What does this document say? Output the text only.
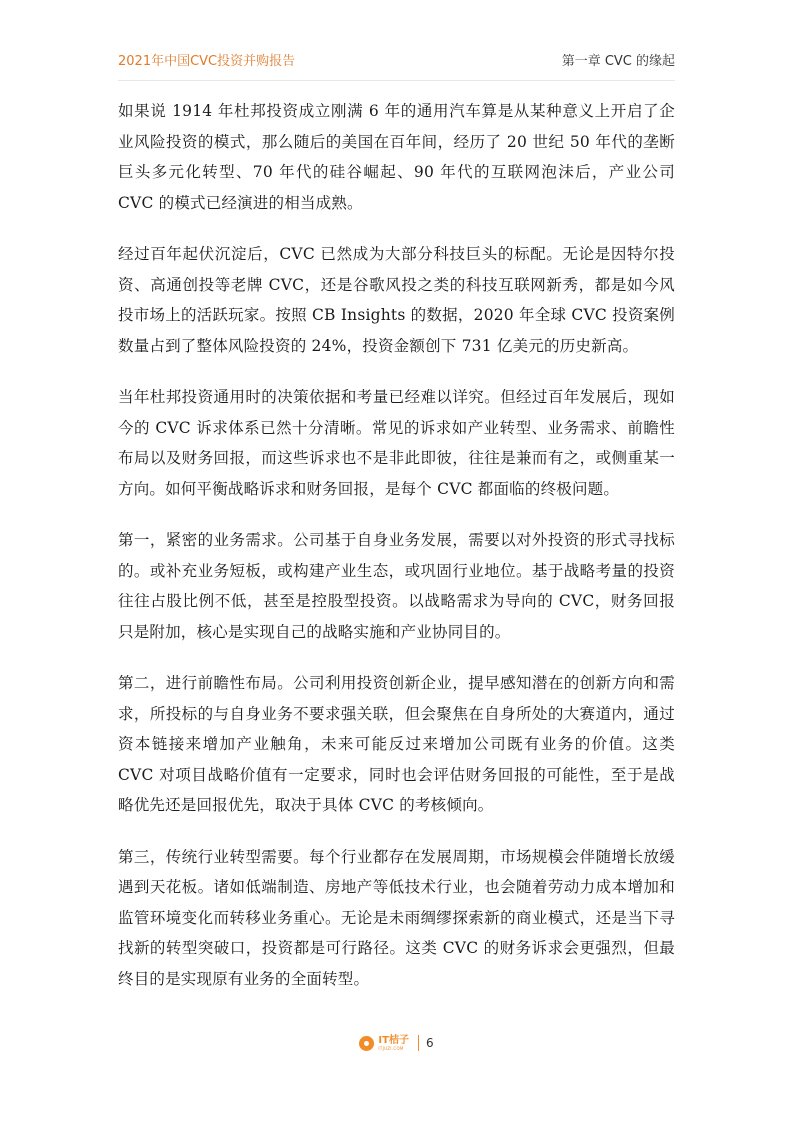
2021年中国CVC投资并购报告	第一章 CVC 的缘起

如果说 1914 年杜邦投资成立刚满 6 年的通用汽车算是从某种意义上开启了企业风险投资的模式，那么随后的美国在百年间，经历了 20 世纪 50 年代的垄断巨头多元化转型、70 年代的硅谷崛起、90 年代的互联网泡沫后，产业公司 CVC 的模式已经演进的相当成熟。

经过百年起伏沉淀后，CVC 已然成为大部分科技巨头的标配。无论是因特尔投资、高通创投等老牌 CVC，还是谷歌风投之类的科技互联网新秀，都是如今风投市场上的活跃玩家。按照 CB Insights 的数据，2020 年全球 CVC 投资案例数量占到了整体风险投资的 24%，投资金额创下 731 亿美元的历史新高。

当年杜邦投资通用时的决策依据和考量已经难以详究。但经过百年发展后，现如今的 CVC 诉求体系已然十分清晰。常见的诉求如产业转型、业务需求、前瞻性布局以及财务回报，而这些诉求也不是非此即彼，往往是兼而有之，或侧重某一方向。如何平衡战略诉求和财务回报，是每个 CVC 都面临的终极问题。

第一，紧密的业务需求。公司基于自身业务发展，需要以对外投资的形式寻找标的。或补充业务短板，或构建产业生态，或巩固行业地位。基于战略考量的投资往往占股比例不低，甚至是控股型投资。以战略需求为导向的 CVC，财务回报只是附加，核心是实现自己的战略实施和产业协同目的。

第二，进行前瞻性布局。公司利用投资创新企业，提早感知潜在的创新方向和需求，所投标的与自身业务不要求强关联，但会聚焦在自身所处的大赛道内，通过资本链接来增加产业触角，未来可能反过来增加公司既有业务的价值。这类 CVC 对项目战略价值有一定要求，同时也会评估财务回报的可能性，至于是战略优先还是回报优先，取决于具体 CVC 的考核倾向。

第三，传统行业转型需要。每个行业都存在发展周期，市场规模会伴随增长放缓遇到天花板。诸如低端制造、房地产等低技术行业，也会随着劳动力成本增加和监管环境变化而转移业务重心。无论是未雨绸缪探索新的商业模式，还是当下寻找新的转型突破口，投资都是可行路径。这类 CVC 的财务诉求会更强烈，但最终目的是实现原有业务的全面转型。

IT桔子
ITJUZI.COM	6
